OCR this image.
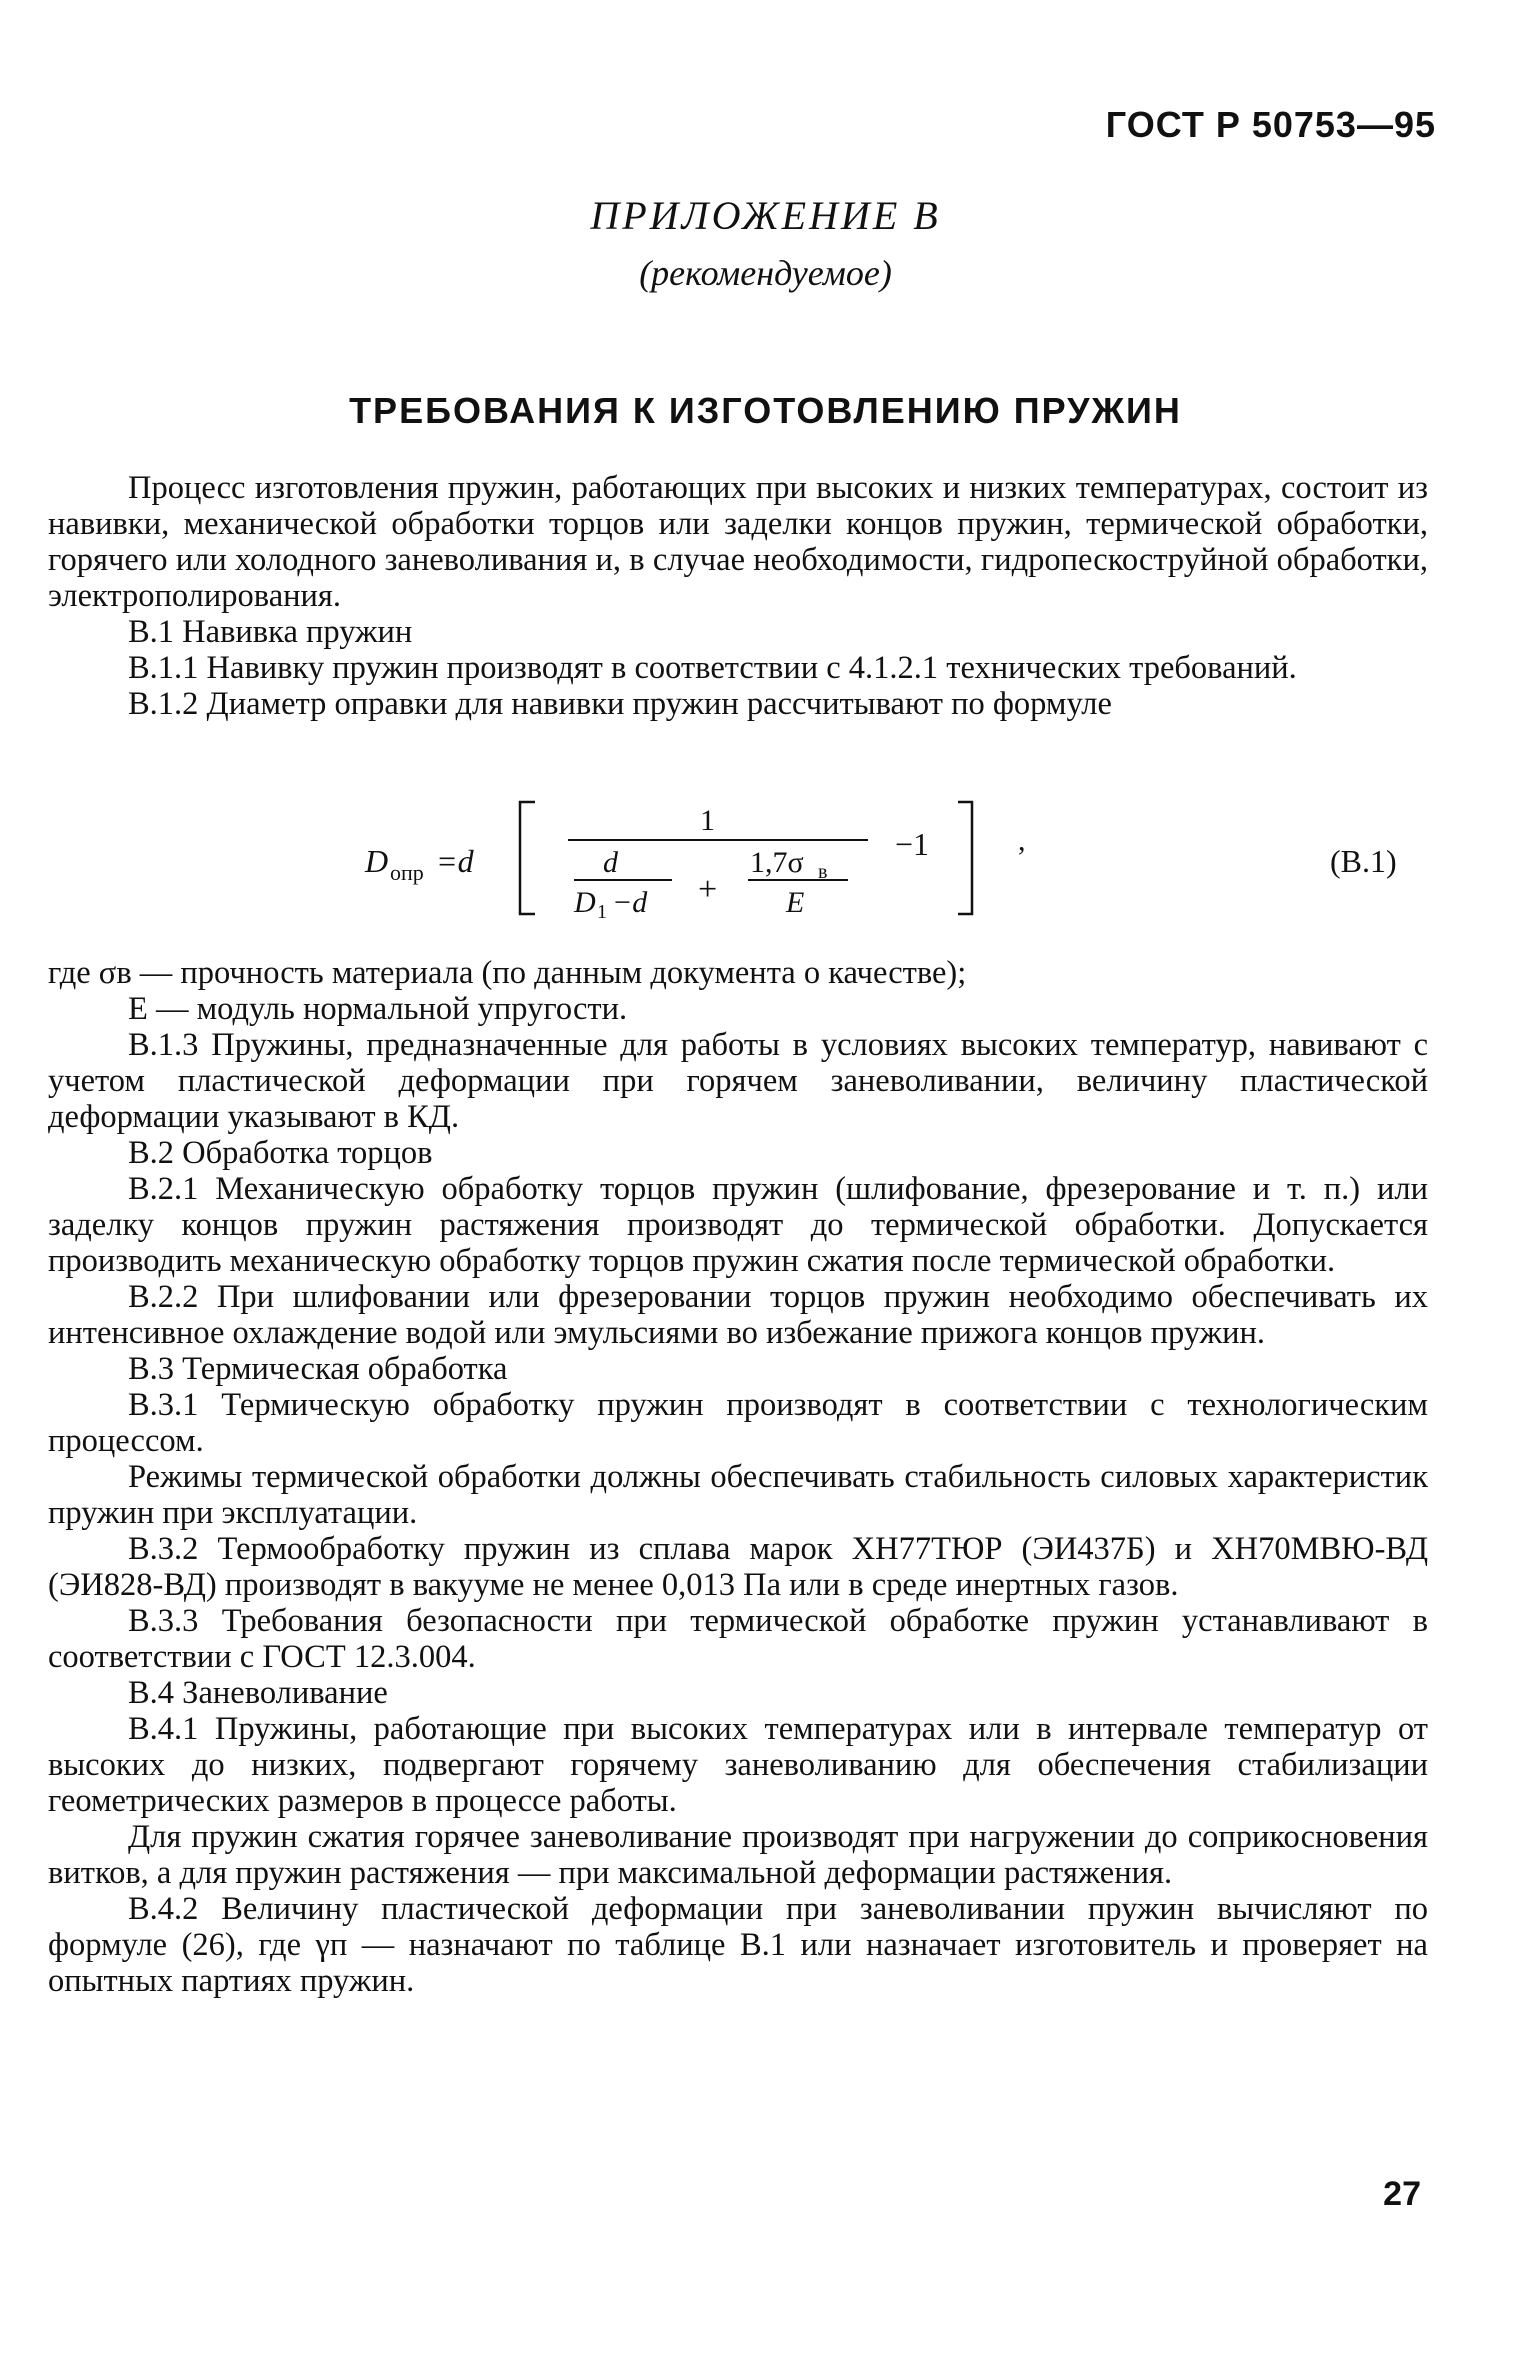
ГОСТ Р 50753—95
ПРИЛОЖЕНИЕ В
(рекомендуемое)
ТРЕБОВАНИЯ К ИЗГОТОВЛЕНИЮ ПРУЖИН

Процесс изготовления пружин, работающих при высоких и низких температурах, состоит из навивки, механической обработки торцов или заделки концов пружин, термической обработки, горячего или холодного заневоливания и, в случае необходимости, гидропескоструйной обработки, электрополирования.

В.1 Навивка пружин

В.1.1 Навивку пружин производят в соответствии с 4.1.2.1 технических требований.

В.1.2 Диаметр оправки для навивки пружин рассчитывают по формуле

D опр =d
1
d
D 1 −d +
1,7σ в
E
−1	,
(В.1)

где σв — прочность материала (по данным документа о качестве);

E — модуль нормальной упругости.

В.1.3 Пружины, предназначенные для работы в условиях высоких температур, навивают с учетом пластической деформации при горячем заневоливании, величину пластической деформации указывают в КД.

В.2 Обработка торцов

В.2.1 Механическую обработку торцов пружин (шлифование, фрезерование и т. п.) или заделку концов пружин растяжения производят до термической обработки. Допускается производить механическую обработку торцов пружин сжатия после термической обработки.

В.2.2 При шлифовании или фрезеровании торцов пружин необходимо обеспечивать их интенсивное охлаждение водой или эмульсиями во избежание прижога концов пружин.

В.3 Термическая обработка

В.3.1 Термическую обработку пружин производят в соответствии с технологическим процессом.

Режимы термической обработки должны обеспечивать стабильность силовых характеристик пружин при эксплуатации.

В.3.2 Термообработку пружин из сплава марок ХН77ТЮР (ЭИ437Б) и ХН70МВЮ-ВД (ЭИ828-ВД) производят в вакууме не менее 0,013 Па или в среде инертных газов.

В.3.3 Требования безопасности при термической обработке пружин устанавливают в соответствии с ГОСТ 12.3.004.

В.4 Заневоливание

В.4.1 Пружины, работающие при высоких температурах или в интервале температур от высоких до низких, подвергают горячему заневоливанию для обеспечения стабилизации геометрических размеров в процессе работы.

Для пружин сжатия горячее заневоливание производят при нагружении до соприкосновения витков, а для пружин растяжения — при максимальной деформации растяжения.

В.4.2 Величину пластической деформации при заневоливании пружин вычисляют по формуле (26), где γп — назначают по таблице В.1 или назначает изготовитель и проверяет на опытных партиях пружин.

27
